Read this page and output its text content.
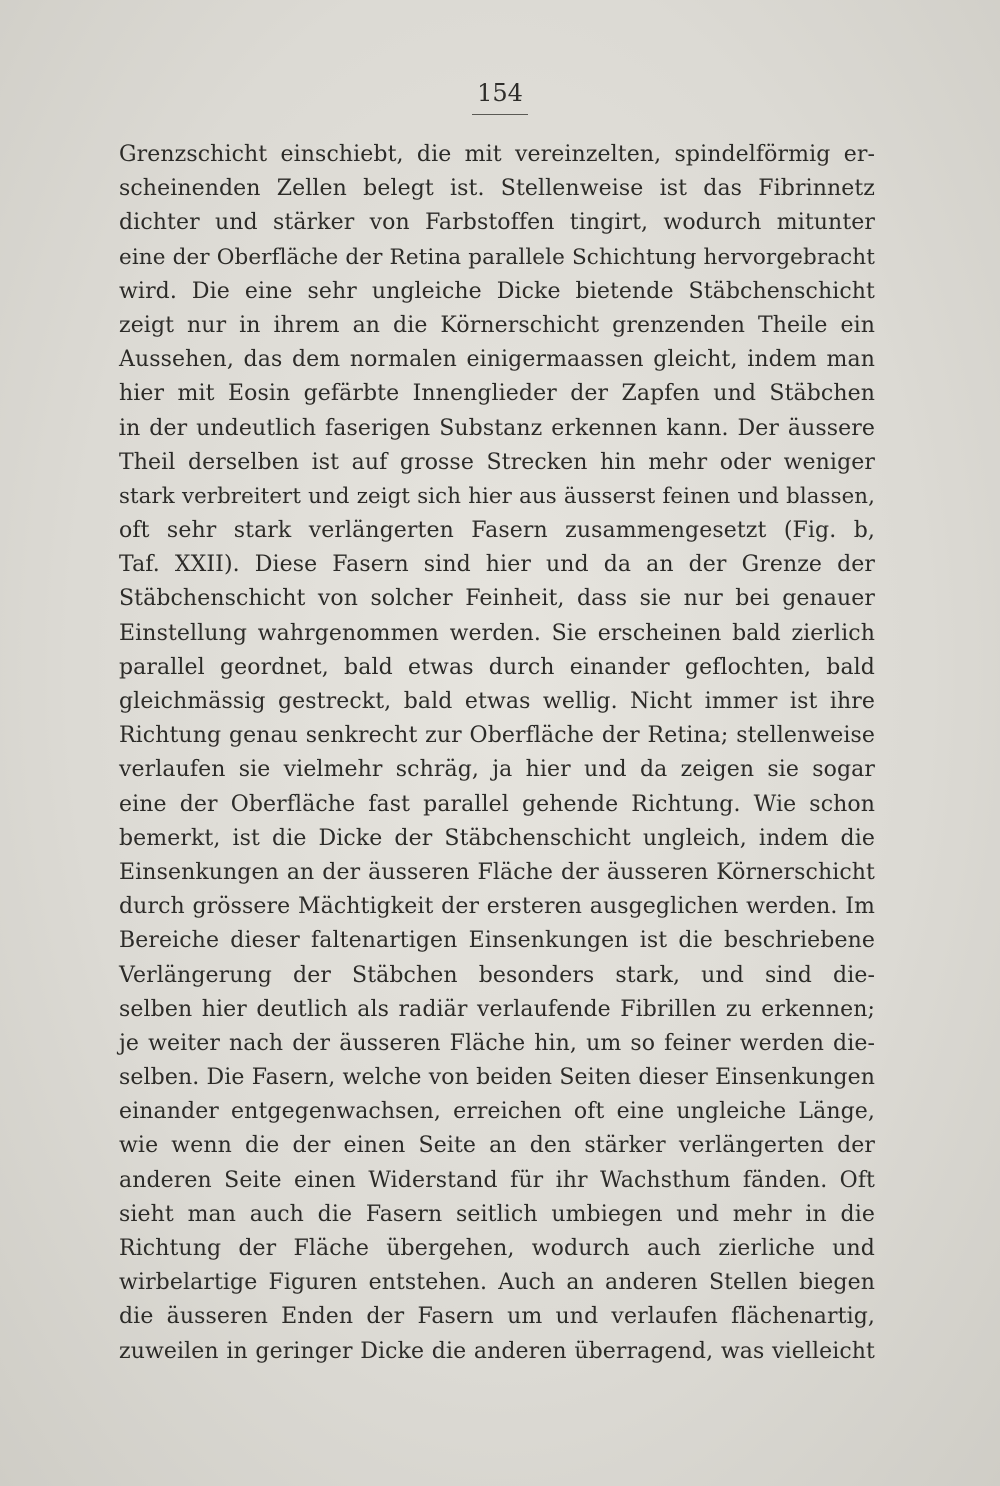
154
Grenzschicht einschiebt, die mit vereinzelten, spindelförmig er-
scheinenden Zellen belegt ist. Stellenweise ist das Fibrinnetz
dichter und stärker von Farbstoffen tingirt, wodurch mitunter
eine der Oberfläche der Retina parallele Schichtung hervorgebracht
wird. Die eine sehr ungleiche Dicke bietende Stäbchenschicht
zeigt nur in ihrem an die Körnerschicht grenzenden Theile ein
Aussehen, das dem normalen einigermaassen gleicht, indem man
hier mit Eosin gefärbte Innenglieder der Zapfen und Stäbchen
in der undeutlich faserigen Substanz erkennen kann. Der äussere
Theil derselben ist auf grosse Strecken hin mehr oder weniger
stark verbreitert und zeigt sich hier aus äusserst feinen und blassen,
oft sehr stark verlängerten Fasern zusammengesetzt (Fig. b,
Taf. XXII). Diese Fasern sind hier und da an der Grenze der
Stäbchenschicht von solcher Feinheit, dass sie nur bei genauer
Einstellung wahrgenommen werden. Sie erscheinen bald zierlich
parallel geordnet, bald etwas durch einander geflochten, bald
gleichmässig gestreckt, bald etwas wellig. Nicht immer ist ihre
Richtung genau senkrecht zur Oberfläche der Retina; stellenweise
verlaufen sie vielmehr schräg, ja hier und da zeigen sie sogar
eine der Oberfläche fast parallel gehende Richtung. Wie schon
bemerkt, ist die Dicke der Stäbchenschicht ungleich, indem die
Einsenkungen an der äusseren Fläche der äusseren Körnerschicht
durch grössere Mächtigkeit der ersteren ausgeglichen werden. Im
Bereiche dieser faltenartigen Einsenkungen ist die beschriebene
Verlängerung der Stäbchen besonders stark, und sind die-
selben hier deutlich als radiär verlaufende Fibrillen zu erkennen;
je weiter nach der äusseren Fläche hin, um so feiner werden die-
selben. Die Fasern, welche von beiden Seiten dieser Einsenkungen
einander entgegenwachsen, erreichen oft eine ungleiche Länge,
wie wenn die der einen Seite an den stärker verlängerten der
anderen Seite einen Widerstand für ihr Wachsthum fänden. Oft
sieht man auch die Fasern seitlich umbiegen und mehr in die
Richtung der Fläche übergehen, wodurch auch zierliche und
wirbelartige Figuren entstehen. Auch an anderen Stellen biegen
die äusseren Enden der Fasern um und verlaufen flächenartig,
zuweilen in geringer Dicke die anderen überragend, was vielleicht
